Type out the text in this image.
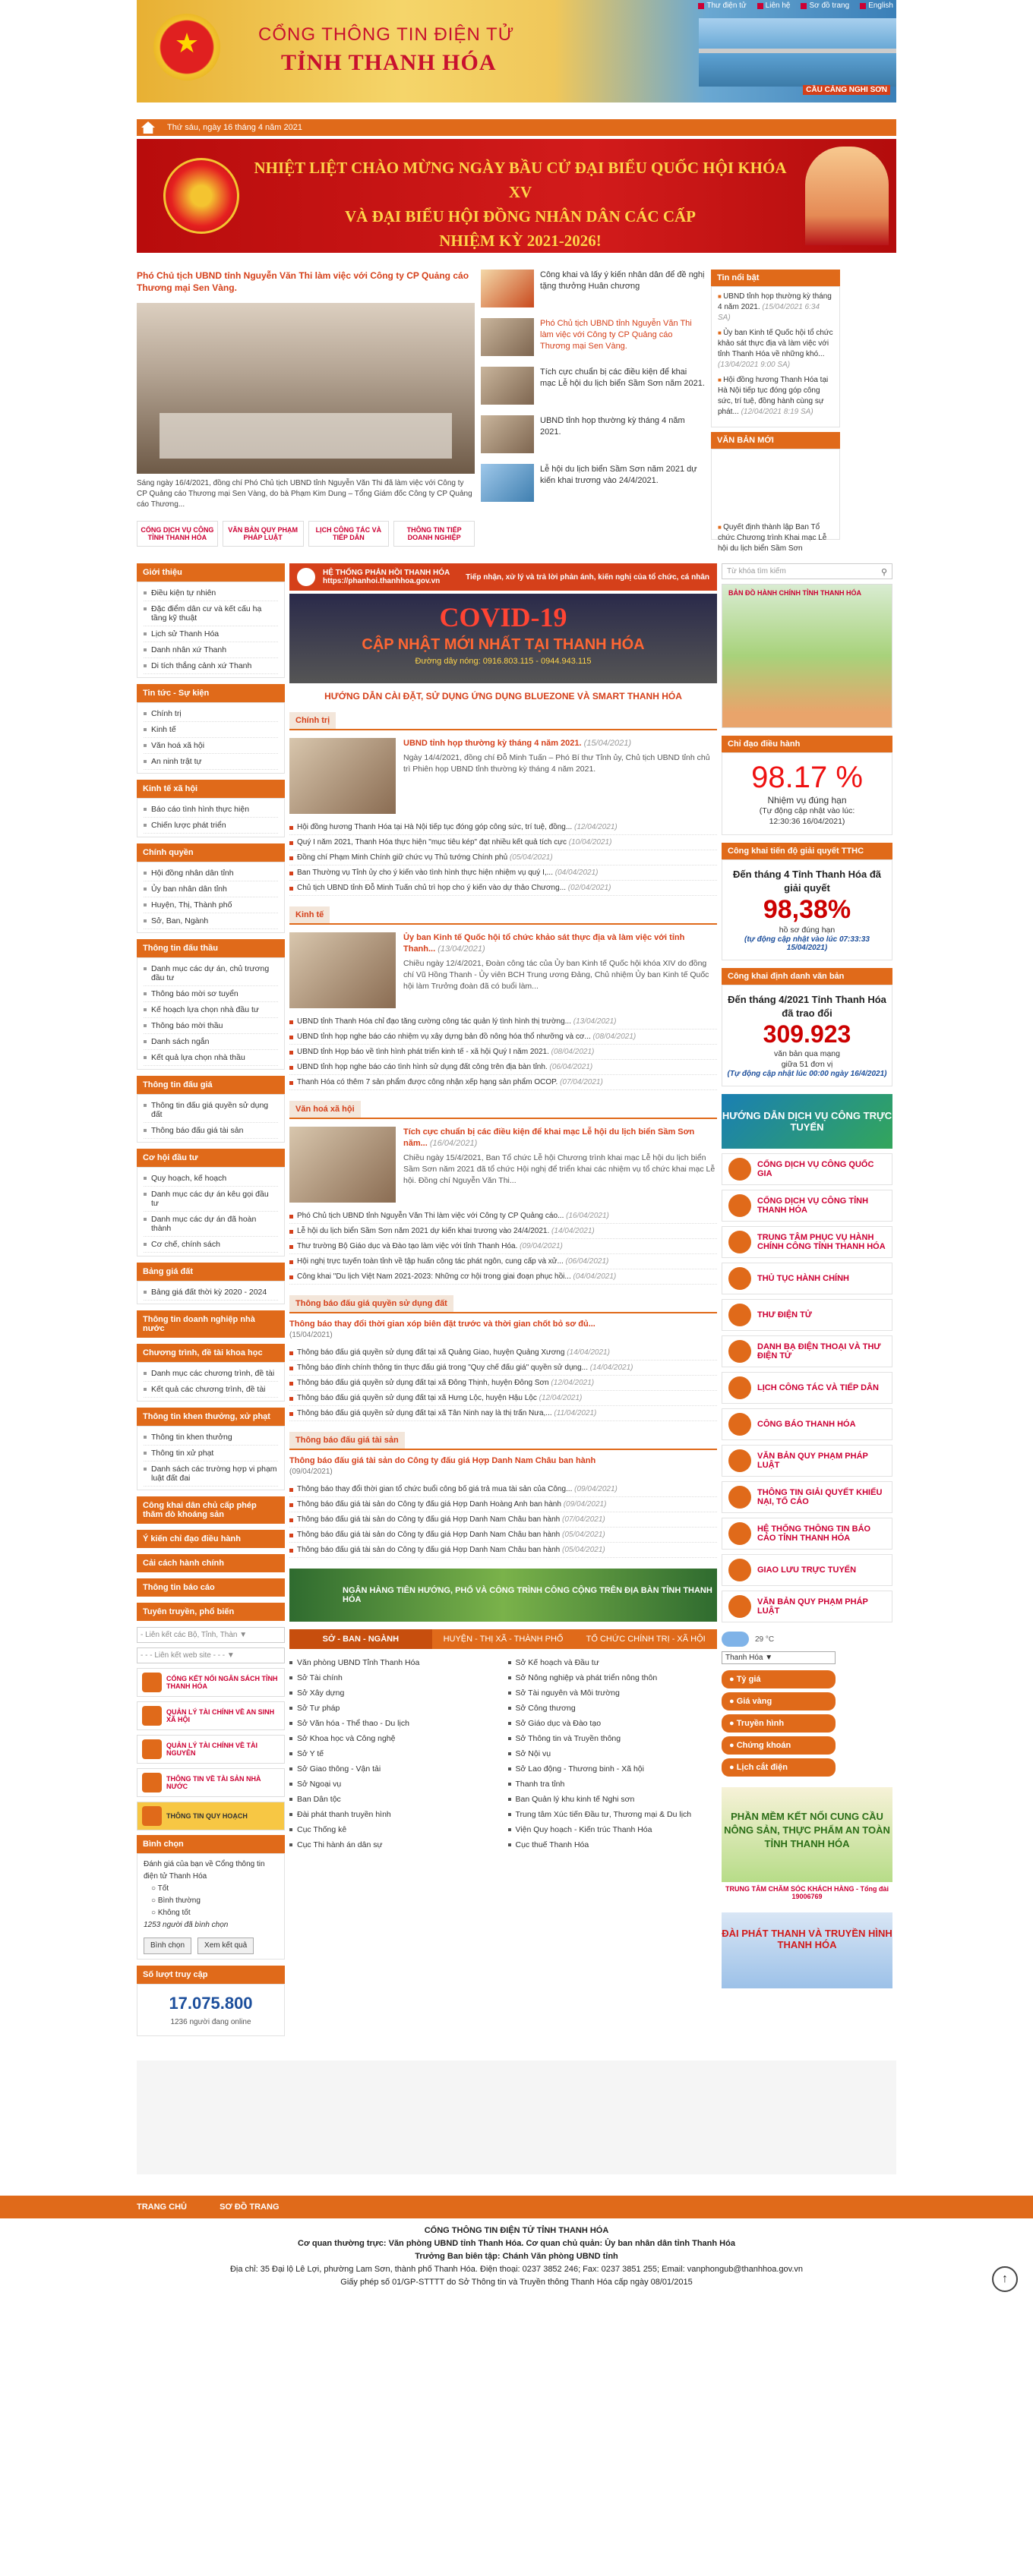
★
CỔNG THÔNG TIN ĐIỆN TỬ
TỈNH THANH HÓA
Thư điện tử	Liên hệ	Sơ đồ trang	English
CẦU CẢNG NGHI SƠN
Thứ sáu, ngày 16 tháng 4 năm 2021
NHIỆT LIỆT CHÀO MỪNG NGÀY BẦU CỬ ĐẠI BIỂU QUỐC HỘI KHÓA XV
VÀ ĐẠI BIỂU HỘI ĐỒNG NHÂN DÂN CÁC CẤP
NHIỆM KỲ 2021-2026!
Phó Chủ tịch UBND tỉnh Nguyễn Văn Thi làm việc với Công ty CP Quảng cáo Thương mại Sen Vàng.
Sáng ngày 16/4/2021, đồng chí Phó Chủ tịch UBND tỉnh Nguyễn Văn Thi đã làm việc với Công ty CP Quảng cáo Thương mại Sen Vàng, do bà Phạm Kim Dung – Tổng Giám đốc Công ty CP Quảng cáo Thương...
CỔNG DỊCH VỤ CÔNG TỈNH THANH HÓA
VĂN BẢN QUY PHẠM PHÁP LUẬT
LỊCH CÔNG TÁC VÀ TIẾP DÂN
THÔNG TIN TIẾP DOANH NGHIỆP
Công khai và lấy ý kiến nhân dân để đề nghị tặng thưởng Huân chương
Phó Chủ tịch UBND tỉnh Nguyễn Văn Thi làm việc với Công ty CP Quảng cáo Thương mại Sen Vàng.
Tích cực chuẩn bị các điều kiện để khai mạc Lễ hội du lịch biển Sầm Sơn năm 2021.
UBND tỉnh họp thường kỳ tháng 4 năm 2021.
Lễ hội du lịch biển Sầm Sơn năm 2021 dự kiến khai trương vào 24/4/2021.
Tin nổi bật
■ UBND tỉnh họp thường kỳ tháng 4 năm 2021. (15/04/2021 6:34 SA)
■ Ủy ban Kinh tế Quốc hội tổ chức khảo sát thực địa và làm việc với tỉnh Thanh Hóa về những khó... (13/04/2021 9:00 SA)
■ Hội đồng hương Thanh Hóa tại Hà Nội tiếp tục đóng góp công sức, trí tuệ, đồng hành cùng sự phát... (12/04/2021 8:19 SA)
VĂN BẢN MỚI
■ Quyết định thành lập Ban Tổ chức Chương trình Khai mạc Lễ hội du lịch biển Sầm Sơn
Giới thiệu
Điều kiện tự nhiên
Đặc điểm dân cư và kết cấu hạ tầng kỹ thuật
Lịch sử Thanh Hóa
Danh nhân xứ Thanh
Di tích thắng cảnh xứ Thanh
Tin tức - Sự kiện
Chính trị
Kinh tế
Văn hoá xã hội
An ninh trật tự
Kinh tế xã hội
Báo cáo tình hình thực hiện
Chiến lược phát triển
Chính quyền
Hội đồng nhân dân tỉnh
Ủy ban nhân dân tỉnh
Huyện, Thị, Thành phố
Sở, Ban, Ngành
Thông tin đấu thầu
Danh mục các dự án, chủ trương đầu tư
Thông báo mời sơ tuyển
Kế hoạch lựa chọn nhà đầu tư
Thông báo mời thầu
Danh sách ngắn
Kết quả lựa chọn nhà thầu
Thông tin đấu giá
Thông tin đấu giá quyền sử dụng đất
Thông báo đấu giá tài sản
Cơ hội đầu tư
Quy hoạch, kế hoạch
Danh mục các dự án kêu gọi đầu tư
Danh mục các dự án đã hoàn thành
Cơ chế, chính sách
Bảng giá đất
Bảng giá đất thời kỳ 2020 - 2024
Thông tin doanh nghiệp nhà nước
Chương trình, đề tài khoa học
Danh mục các chương trình, đề tài
Kết quả các chương trình, đề tài
Thông tin khen thưởng, xử phạt
Thông tin khen thưởng
Thông tin xử phạt
Danh sách các trường hợp vi phạm luật đất đai
Công khai dân chủ cấp phép thăm dò khoáng sản
Ý kiến chỉ đạo điều hành
Cải cách hành chính
Thông tin báo cáo
Tuyên truyền, phổ biến
- Liên kết các Bộ, Tỉnh, Thàn ▼
- - - Liên kết web site - - - ▼
CỔNG KẾT NỐI NGÂN SÁCH TỈNH THANH HÓA
QUẢN LÝ TÀI CHÍNH VỀ AN SINH XÃ HỘI
QUẢN LÝ TÀI CHÍNH VỀ TÀI NGUYÊN
THÔNG TIN VỀ TÀI SẢN NHÀ NƯỚC
THÔNG TIN QUY HOẠCH
Bình chọn
Đánh giá của bạn về Cổng thông tin điện tử Thanh Hóa
○ Tốt
○ Bình thường
○ Không tốt
1253 người đã bình chọn
Bình chọn	Xem kết quả
Số lượt truy cập
17.075.800
1236 người đang online
HỆ THỐNG PHẢN HỒI THANH HÓA
https://phanhoi.thanhhoa.gov.vn	Tiếp nhận, xử lý và trả lời phản ánh, kiến nghị của tổ chức, cá nhân
COVID-19
CẬP NHẬT MỚI NHẤT TẠI THANH HÓA
Đường dây nóng: 0916.803.115 - 0944.943.115
HƯỚNG DẪN CÀI ĐẶT, SỬ DỤNG ỨNG DỤNG BLUEZONE VÀ SMART THANH HÓA
Chính trị
UBND tỉnh họp thường kỳ tháng 4 năm 2021. (15/04/2021)
Ngày 14/4/2021, đồng chí Đỗ Minh Tuấn – Phó Bí thư Tỉnh ủy, Chủ tịch UBND tỉnh chủ trì Phiên họp UBND tỉnh thường kỳ tháng 4 năm 2021.
Hội đồng hương Thanh Hóa tại Hà Nội tiếp tục đóng góp công sức, trí tuệ, đồng... (12/04/2021)
Quý I năm 2021, Thanh Hóa thực hiện "mục tiêu kép" đạt nhiều kết quả tích cực (10/04/2021)
Đồng chí Phạm Minh Chính giữ chức vụ Thủ tướng Chính phủ (05/04/2021)
Ban Thường vụ Tỉnh ủy cho ý kiến vào tình hình thực hiện nhiệm vụ quý I,... (04/04/2021)
Chủ tịch UBND tỉnh Đỗ Minh Tuấn chủ trì họp cho ý kiến vào dự thảo Chương... (02/04/2021)
Kinh tế
Ủy ban Kinh tế Quốc hội tổ chức khảo sát thực địa và làm việc với tỉnh Thanh... (13/04/2021)
Chiều ngày 12/4/2021, Đoàn công tác của Ủy ban Kinh tế Quốc hội khóa XIV do đồng chí Vũ Hồng Thanh - Ủy viên BCH Trung ương Đảng, Chủ nhiệm Ủy ban Kinh tế Quốc hội làm Trưởng đoàn đã có buổi làm...
UBND tỉnh Thanh Hóa chỉ đạo tăng cường công tác quản lý tình hình thị trường... (13/04/2021)
UBND tỉnh họp nghe báo cáo nhiệm vụ xây dựng bản đồ nông hóa thổ nhưỡng và cơ... (08/04/2021)
UBND tỉnh Họp báo về tình hình phát triển kinh tế - xã hội Quý I năm 2021. (08/04/2021)
UBND tỉnh họp nghe báo cáo tình hình sử dụng đất công trên địa bàn tỉnh. (06/04/2021)
Thanh Hóa có thêm 7 sản phẩm được công nhận xếp hạng sản phẩm OCOP. (07/04/2021)
Văn hoá xã hội
Tích cực chuẩn bị các điều kiện để khai mạc Lễ hội du lịch biển Sầm Sơn năm... (16/04/2021)
Chiều ngày 15/4/2021, Ban Tổ chức Lễ hội Chương trình khai mạc Lễ hội du lịch biển Sầm Sơn năm 2021 đã tổ chức Hội nghị để triển khai các nhiệm vụ tổ chức khai mạc Lễ hội. Đồng chí Nguyễn Văn Thi...
Phó Chủ tịch UBND tỉnh Nguyễn Văn Thi làm việc với Công ty CP Quảng cáo... (16/04/2021)
Lễ hội du lịch biển Sầm Sơn năm 2021 dự kiến khai trương vào 24/4/2021. (14/04/2021)
Thư trường Bộ Giáo dục và Đào tạo làm việc với tỉnh Thanh Hóa. (09/04/2021)
Hội nghị trực tuyến toàn tỉnh về tập huấn công tác phát ngôn, cung cấp và xử... (06/04/2021)
Công khai "Du lịch Việt Nam 2021-2023: Những cơ hội trong giai đoạn phục hồi... (04/04/2021)
Thông báo đấu giá quyền sử dụng đất
Thông báo thay đổi thời gian xóp biên đặt trước và thời gian chốt bỏ sơ đủ...
(15/04/2021)
Thông báo đấu giá quyền sử dụng đất tại xã Quảng Giao, huyện Quảng Xương (14/04/2021)
Thông báo đính chính thông tin thực đấu giá trong "Quy chế đấu giá" quyền sử dụng... (14/04/2021)
Thông báo đấu giá quyền sử dụng đất tại xã Đông Thịnh, huyện Đông Sơn (12/04/2021)
Thông báo đấu giá quyền sử dụng đất tại xã Hưng Lộc, huyện Hậu Lộc (12/04/2021)
Thông báo đấu giá quyền sử dụng đất tại xã Tân Ninh nay là thị trấn Nưa,... (11/04/2021)
Thông báo đấu giá tài sản
Thông báo đấu giá tài sản do Công ty đấu giá Hợp Danh Nam Châu ban hành
(09/04/2021)
Thông báo thay đổi thời gian tổ chức buổi công bố giá trả mua tài sản của Công... (09/04/2021)
Thông báo đấu giá tài sản do Công ty đấu giá Hợp Danh Hoàng Anh ban hành (09/04/2021)
Thông báo đấu giá tài sản do Công ty đấu giá Hợp Danh Nam Châu ban hành (07/04/2021)
Thông báo đấu giá tài sản do Công ty đấu giá Hợp Danh Nam Châu ban hành (05/04/2021)
Thông báo đấu giá tài sản do Công ty đấu giá Hợp Danh Nam Châu ban hành (05/04/2021)
NGÂN HÀNG TIÊN HƯỚNG, PHỐ VÀ CÔNG TRÌNH CÔNG CỘNG TRÊN ĐỊA BÀN TỈNH THANH HÓA
SỞ - BAN - NGÀNH	HUYỆN - THỊ XÃ - THÀNH PHỐ	TỔ CHỨC CHÍNH TRỊ - XÃ HỘI
Văn phòng UBND Tỉnh Thanh Hóa	Sở Kế hoạch và Đầu tư
Sở Tài chính	Sở Nông nghiệp và phát triển nông thôn
Sở Xây dựng	Sở Tài nguyên và Môi trường
Sở Tư pháp	Sở Công thương
Sở Văn hóa - Thể thao - Du lịch	Sở Giáo dục và Đào tạo
Sở Khoa học và Công nghệ	Sở Thông tin và Truyền thông
Sở Y tế	Sở Nội vụ
Sở Giao thông - Vận tải	Sở Lao động - Thương binh - Xã hội
Sở Ngoại vụ	Thanh tra tỉnh
Ban Dân tộc	Ban Quản lý khu kinh tế Nghi sơn
Đài phát thanh truyền hình	Trung tâm Xúc tiến Đầu tư, Thương mại & Du lịch
Cục Thống kê	Viện Quy hoạch - Kiến trúc Thanh Hóa
Cục Thi hành án dân sự	Cục thuế Thanh Hóa
Từ khóa tìm kiếm	⚲
BẢN ĐỒ HÀNH CHÍNH TỈNH THANH HÓA
Chỉ đạo điều hành
98.17 %
Nhiệm vụ đúng hạn
(Tự động cập nhật vào lúc:
12:30:36 16/04/2021)
Công khai tiến độ giải quyết TTHC
Đến tháng 4 Tỉnh Thanh Hóa đã giải quyết
98,38%
hồ sơ đúng hạn
(tự động cập nhật vào lúc 07:33:33 15/04/2021)
Công khai định danh văn bản
Đến tháng 4/2021 Tỉnh Thanh Hóa đã trao đổi
309.923
văn bản qua mạng
giữa 51 đơn vị
(Tự động cập nhật lúc 00:00 ngày 16/4/2021)
HƯỚNG DẪN DỊCH VỤ CÔNG TRỰC TUYẾN
CỔNG DỊCH VỤ CÔNG QUỐC GIA
CỔNG DỊCH VỤ CÔNG TỈNH THANH HÓA
TRUNG TÂM PHỤC VỤ HÀNH CHÍNH CÔNG TỈNH THANH HÓA
THỦ TỤC HÀNH CHÍNH
THƯ ĐIỆN TỬ
DANH BẠ ĐIỆN THOẠI VÀ THƯ ĐIỆN TỬ
LỊCH CÔNG TÁC VÀ TIẾP DÂN
CÔNG BÁO THANH HÓA
VĂN BẢN QUY PHẠM PHÁP LUẬT
THÔNG TIN GIẢI QUYẾT KHIẾU NẠI, TỐ CÁO
HỆ THỐNG THÔNG TIN BÁO CÁO TỈNH THANH HÓA
GIAO LƯU TRỰC TUYẾN
VĂN BẢN QUY PHẠM PHÁP LUẬT
29 °C
Thanh Hóa ▼
● Tỷ giá
● Giá vàng
● Truyền hình
● Chứng khoán
● Lịch cắt điện
PHẦN MỀM KẾT NỐI CUNG CẦU NÔNG SẢN, THỰC PHẨM AN TOÀN TỈNH THANH HÓA
TRUNG TÂM CHĂM SÓC KHÁCH HÀNG - Tổng đài 19006769
ĐÀI PHÁT THANH VÀ TRUYỀN HÌNH THANH HÓA
TRANG CHỦ	SƠ ĐỒ TRANG
CỔNG THÔNG TIN ĐIỆN TỬ TỈNH THANH HÓA
Cơ quan thường trực: Văn phòng UBND tỉnh Thanh Hóa. Cơ quan chủ quản: Ủy ban nhân dân tỉnh Thanh Hóa
Trưởng Ban biên tập: Chánh Văn phòng UBND tỉnh
Địa chỉ: 35 Đại lộ Lê Lợi, phường Lam Sơn, thành phố Thanh Hóa. Điện thoại: 0237 3852 246; Fax: 0237 3851 255; Email: vanphongub@thanhhoa.gov.vn
Giấy phép số 01/GP-STTTT do Sở Thông tin và Truyền thông Thanh Hóa cấp ngày 08/01/2015	↑
